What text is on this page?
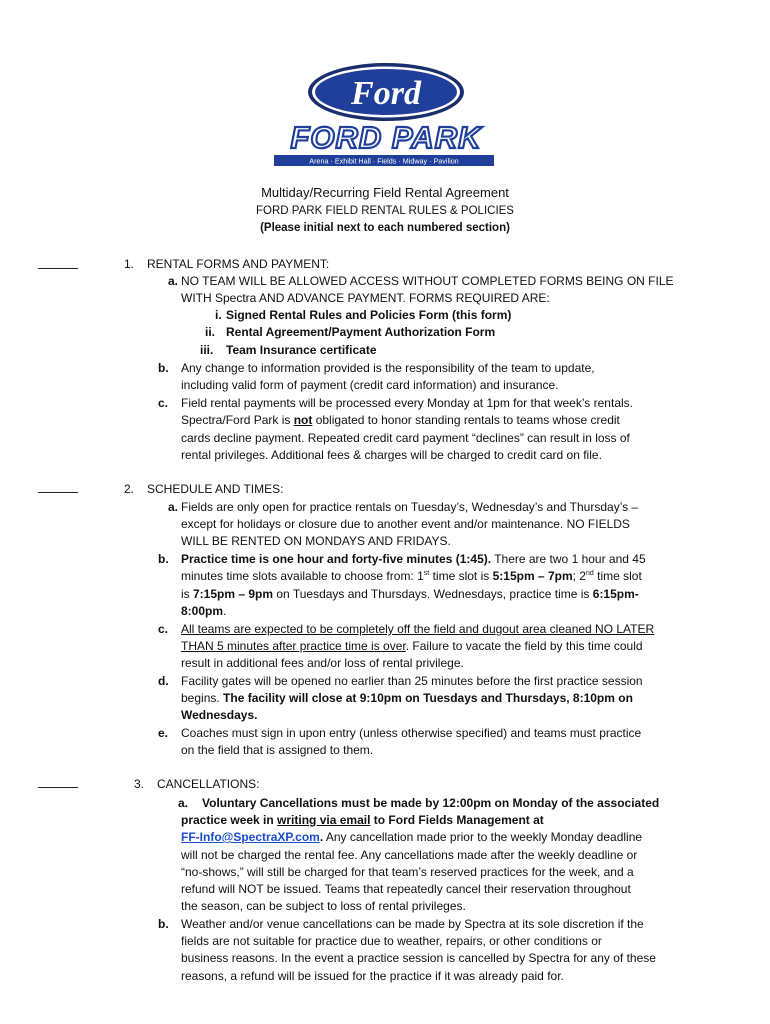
Ford
FORD PARK
Arena · Exhibit Hall · Fields · Midway · Pavilion
Multiday/Recurring Field Rental Agreement
FORD PARK FIELD RENTAL RULES & POLICIES
(Please initial next to each numbered section)
1. RENTAL FORMS AND PAYMENT:
a. NO TEAM WILL BE ALLOWED ACCESS WITHOUT COMPLETED FORMS BEING ON FILE
WITH Spectra AND ADVANCE PAYMENT. FORMS REQUIRED ARE:
i. Signed Rental Rules and Policies Form (this form)
ii. Rental Agreement/Payment Authorization Form
iii. Team Insurance certificate
b. Any change to information provided is the responsibility of the team to update,
including valid form of payment (credit card information) and insurance.
c. Field rental payments will be processed every Monday at 1pm for that week’s rentals.
Spectra/Ford Park is not obligated to honor standing rentals to teams whose credit
cards decline payment. Repeated credit card payment “declines” can result in loss of
rental privileges. Additional fees & charges will be charged to credit card on file.
2. SCHEDULE AND TIMES:
a. Fields are only open for practice rentals on Tuesday’s, Wednesday’s and Thursday’s –
except for holidays or closure due to another event and/or maintenance. NO FIELDS
WILL BE RENTED ON MONDAYS AND FRIDAYS.
b. Practice time is one hour and forty-five minutes (1:45). There are two 1 hour and 45
minutes time slots available to choose from: 1st time slot is 5:15pm – 7pm; 2nd time slot
is 7:15pm – 9pm on Tuesdays and Thursdays. Wednesdays, practice time is 6:15pm-
8:00pm.
c. All teams are expected to be completely off the field and dugout area cleaned NO LATER
THAN 5 minutes after practice time is over. Failure to vacate the field by this time could
result in additional fees and/or loss of rental privilege.
d. Facility gates will be opened no earlier than 25 minutes before the first practice session
begins. The facility will close at 9:10pm on Tuesdays and Thursdays, 8:10pm on
Wednesdays.
e. Coaches must sign in upon entry (unless otherwise specified) and teams must practice
on the field that is assigned to them.
3. CANCELLATIONS:
a. Voluntary Cancellations must be made by 12:00pm on Monday of the associated
practice week in writing via email to Ford Fields Management at
FF-Info@SpectraXP.com. Any cancellation made prior to the weekly Monday deadline
will not be charged the rental fee. Any cancellations made after the weekly deadline or
“no-shows,” will still be charged for that team’s reserved practices for the week, and a
refund will NOT be issued. Teams that repeatedly cancel their reservation throughout
the season, can be subject to loss of rental privileges.
b. Weather and/or venue cancellations can be made by Spectra at its sole discretion if the
fields are not suitable for practice due to weather, repairs, or other conditions or
business reasons. In the event a practice session is cancelled by Spectra for any of these
reasons, a refund will be issued for the practice if it was already paid for.
